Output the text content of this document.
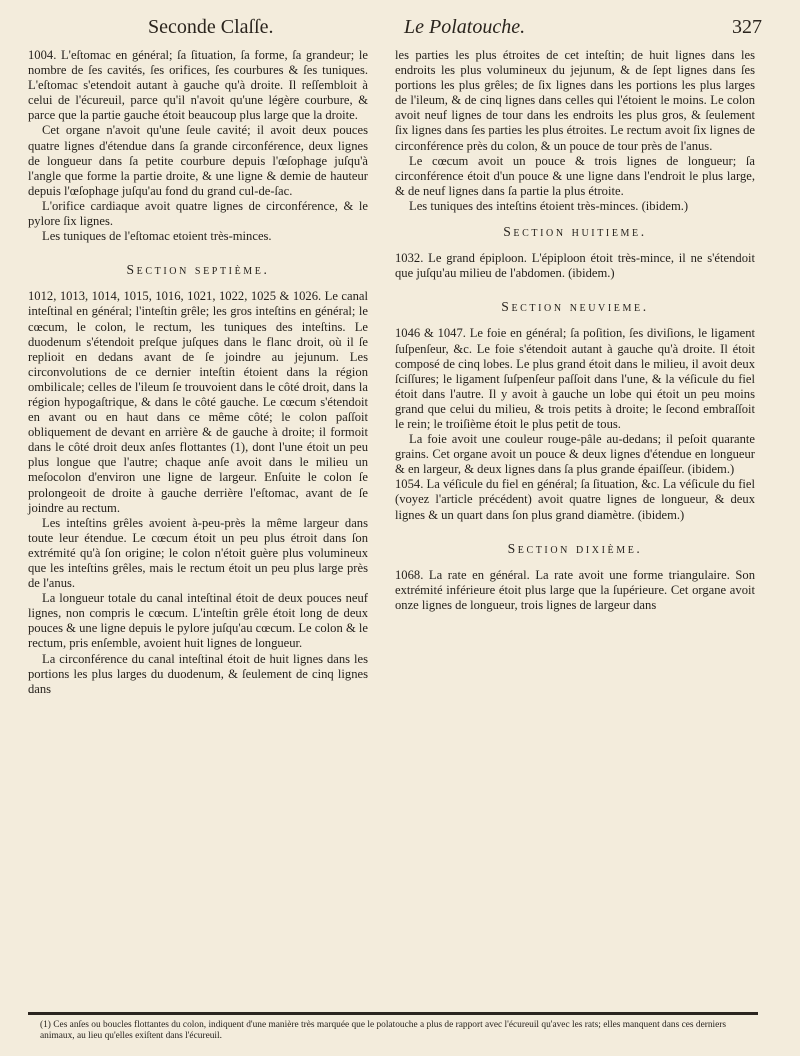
Seconde Claſſe.	Le Polatouche.	327

1004. L'eſtomac en général; ſa ſituation, ſa forme, ſa grandeur; le nombre de ſes cavités, ſes orifices, ſes courbures & ſes tuniques. L'eſtomac s'etendoit autant à gauche qu'à droite. Il reſſembloit à celui de l'écureuil, parce qu'il n'avoit qu'une légère courbure, & parce que la partie gauche étoit beaucoup plus large que la droite.

Cet organe n'avoit qu'une ſeule cavité; il avoit deux pouces quatre lignes d'étendue dans ſa grande circonférence, deux lignes de longueur dans ſa petite courbure depuis l'œſophage juſqu'à l'angle que forme la partie droite, & une ligne & demie de hauteur depuis l'œſophage juſqu'au fond du grand cul-de-ſac.

L'orifice cardiaque avoit quatre lignes de circonférence, & le pylore ſix lignes.

Les tuniques de l'eſtomac etoient très-minces.

Section septième.

1012, 1013, 1014, 1015, 1016, 1021, 1022, 1025 & 1026. Le canal inteſtinal en général; l'inteſtin grêle; les gros inteſtins en général; le cœcum, le colon, le rectum, les tuniques des inteſtins. Le duodenum s'étendoit preſque juſques dans le flanc droit, où il ſe replioit en dedans avant de ſe joindre au jejunum. Les circonvolutions de ce dernier inteſtin étoient dans la région ombilicale; celles de l'ileum ſe trouvoient dans le côté droit, dans la région hypogaſtrique, & dans le côté gauche. Le cœcum s'étendoit en avant ou en haut dans ce même côté; le colon paſſoit obliquement de devant en arrière & de gauche à droite; il formoit dans le côté droit deux anſes flottantes (1), dont l'une étoit un peu plus longue que l'autre; chaque anſe avoit dans le milieu un meſocolon d'environ une ligne de largeur. Enſuite le colon ſe prolongeoit de droite à gauche derrière l'eſtomac, avant de ſe joindre au rectum.

Les inteſtins grêles avoient à-peu-près la même largeur dans toute leur étendue. Le cœcum étoit un peu plus étroit dans ſon extrémité qu'à ſon origine; le colon n'étoit guère plus volumineux que les inteſtins grêles, mais le rectum étoit un peu plus large près de l'anus.

La longueur totale du canal inteſtinal étoit de deux pouces neuf lignes, non compris le cœcum. L'inteſtin grêle étoit long de deux pouces & une ligne depuis le pylore juſqu'au cœcum. Le colon & le rectum, pris enſemble, avoient huit lignes de longueur.

La circonférence du canal inteſtinal étoit de huit lignes dans les portions les plus larges du duodenum, & ſeulement de cinq lignes dans

les parties les plus étroites de cet inteſtin; de huit lignes dans les endroits les plus volumineux du jejunum, & de ſept lignes dans ſes portions les plus grêles; de ſix lignes dans les portions les plus larges de l'ileum, & de cinq lignes dans celles qui l'étoient le moins. Le colon avoit neuf lignes de tour dans les endroits les plus gros, & ſeulement ſix lignes dans ſes parties les plus étroites. Le rectum avoit ſix lignes de circonférence près du colon, & un pouce de tour près de l'anus.

Le cœcum avoit un pouce & trois lignes de longueur; ſa circonférence étoit d'un pouce & une ligne dans l'endroit le plus large, & de neuf lignes dans ſa partie la plus étroite.

Les tuniques des inteſtins étoient très-minces. (ibidem.)

Section huitieme.

1032. Le grand épiploon. L'épiploon étoit très-mince, il ne s'étendoit que juſqu'au milieu de l'abdomen. (ibidem.)

Section neuvieme.

1046 & 1047. Le foie en général; ſa poſition, ſes diviſions, le ligament ſuſpenſeur, &c. Le foie s'étendoit autant à gauche qu'à droite. Il étoit composé de cinq lobes. Le plus grand étoit dans le milieu, il avoit deux ſciſſures; le ligament ſuſpenſeur paſſoit dans l'une, & la véſicule du fiel étoit dans l'autre. Il y avoit à gauche un lobe qui étoit un peu moins grand que celui du milieu, & trois petits à droite; le ſecond embraſſoit le rein; le troiſième étoit le plus petit de tous.

La foie avoit une couleur rouge-pâle au-dedans; il peſoit quarante grains. Cet organe avoit un pouce & deux lignes d'étendue en longueur & en largeur, & deux lignes dans ſa plus grande épaiſſeur. (ibidem.)

1054. La véſicule du fiel en général; ſa ſituation, &c. La véſicule du fiel (voyez l'article précédent) avoit quatre lignes de longueur, & deux lignes & un quart dans ſon plus grand diamètre. (ibidem.)

Section dixième.

1068. La rate en général. La rate avoit une forme triangulaire. Son extrémité inférieure étoit plus large que la ſupérieure. Cet organe avoit onze lignes de longueur, trois lignes de largeur dans

(1) Ces anſes ou boucles flottantes du colon, indiquent d'une manière très marquée que le polatouche a plus de rapport avec l'écureuil qu'avec les rats; elles manquent dans ces derniers animaux, au lieu qu'elles exiſtent dans l'écureuil.
